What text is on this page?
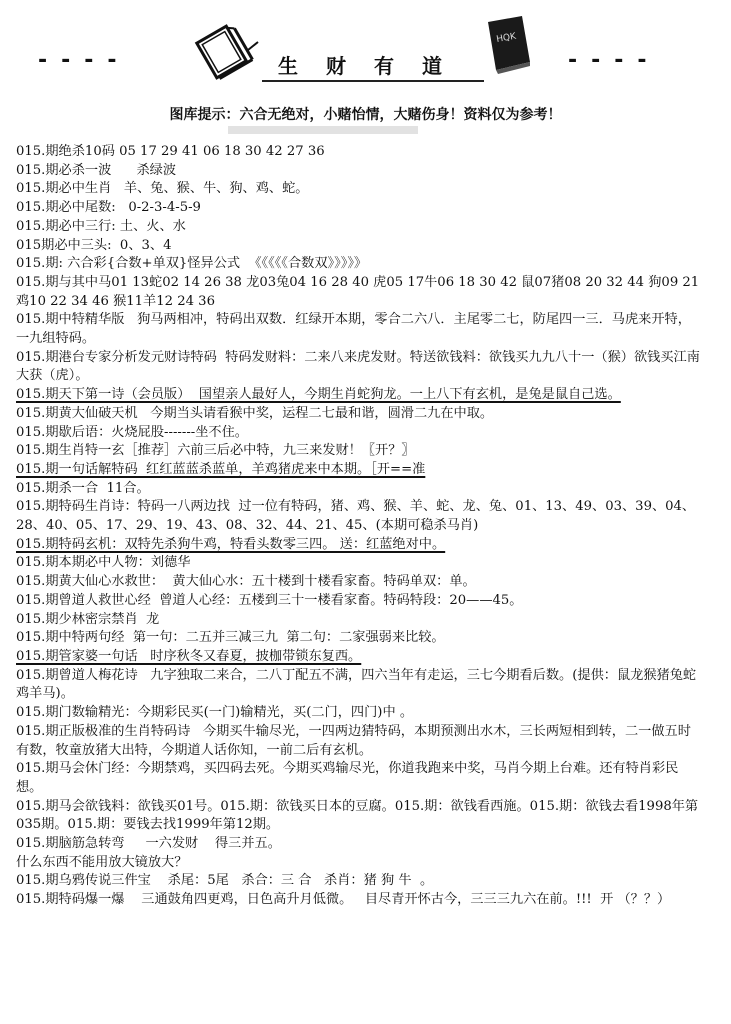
----	生财有道
HQK
----
图库提示：六合无绝对，小赌怡情，大赌伤身！资料仅为参考！

015.期绝杀10码 05 17 29 41 06 18 30 42 27 36

015.期必杀一波      杀绿波

015.期必中生肖   羊、兔、猴、牛、狗、鸡、蛇。

015.期必中尾数:   0-2-3-4-5-9

015.期必中三行: 土、火、水

015期必中三头:  0、3、4

015.期: 六合彩{合数+单双}怪异公式  《《《《《合数双》》》》》

015.期与其中马01 13蛇02 14 26 38 龙03兔04 16 28 40 虎05 17牛06 18 30 42 鼠07猪08 20 32 44 狗09 21鸡10 22 34 46 猴11羊12 24 36

015.期中特精华版   狗马两相冲，特码出双数．红绿开本期，零合二六八．主尾零二七，防尾四一三．马虎来开特，一九组特码。

015.期港台专家分析发元财诗特码  特码发财料：二来八来虎发财。特送欲钱料：欲钱买九九八十一（猴）欲钱买江南大获（虎）。

015.期天下第一诗（会员版）  国望亲人最好人，今期生肖蛇狗龙。一上八下有玄机，是兔是鼠自己选。

015.期黄大仙破天机   今期当头请看猴中奖，运程二七最和谐，圆滑二九在中取。

015.期歇后语：火烧屁股-------坐不住。

015.期生肖特一玄［推荐］六前三后必中特，九三来发财！〖开？〗

015.期一句话解特码  红红蓝蓝杀蓝单，羊鸡猪虎来中本期。［开==准

015.期杀一合  11合。

015.期特码生肖诗：特码一八两边找  过一位有特码，猪、鸡、猴、羊、蛇、龙、兔、01、13、49、03、39、04、28、40、05、17、29、19、43、08、32、44、21、45、(本期可稳杀马肖)

015.期特码玄机：双特先杀狗牛鸡，特看头数零三四。 送：红蓝绝对中。

015.期本期必中人物：刘德华

015.期黄大仙心水救世：  黄大仙心水：五十楼到十楼看家畜。特码单双：单。

015.期曾道人救世心经  曾道人心经：五楼到三十一楼看家畜。特码特段：20——45。

015.期少林密宗禁肖  龙

015.期中特两句经  第一句：二五并三减三九  第二句：二家强弱来比较。

015.期管家婆一句话   时序秋冬又春夏，披枷带锁东复西。

015.期曾道人梅花诗   九字独取二来合，二八丁配五不满，四六当年有走运，三七今期看后数。(提供：鼠龙猴猪兔蛇鸡羊马)。

015.期门数输精光：今期彩民买(一门)输精光，买(二门，四门)中 。

015.期正版极准的生肖特码诗   今期买牛输尽光，一四两边猜特码，本期预测出水木，三长两短相到转，二一做五时有数，牧童放猪大出特，今期道人话你知，一前二后有玄机。

015.期马会休门经：今期禁鸡，买四码去死。今期买鸡输尽光，你道我跑来中奖，马肖今期上台难。还有特肖彩民想。

015.期马会欲钱料：欲钱买01号。015.期：欲钱买日本的豆腐。015.期：欲钱看西施。015.期：欲钱去看1998年第035期。015.期：要钱去找1999年第12期。

015.期脑筋急转弯     一六发财    得三并五。

什么东西不能用放大镜放大？

015.期乌鸦传说三件宝    杀尾：5尾   杀合：三 合   杀肖：猪 狗 牛  。

015.期特码爆一爆    三通鼓角四更鸡，日色高升月低微。   目尽青开怀古今，三三三九六在前。!!!  开 （？？）
